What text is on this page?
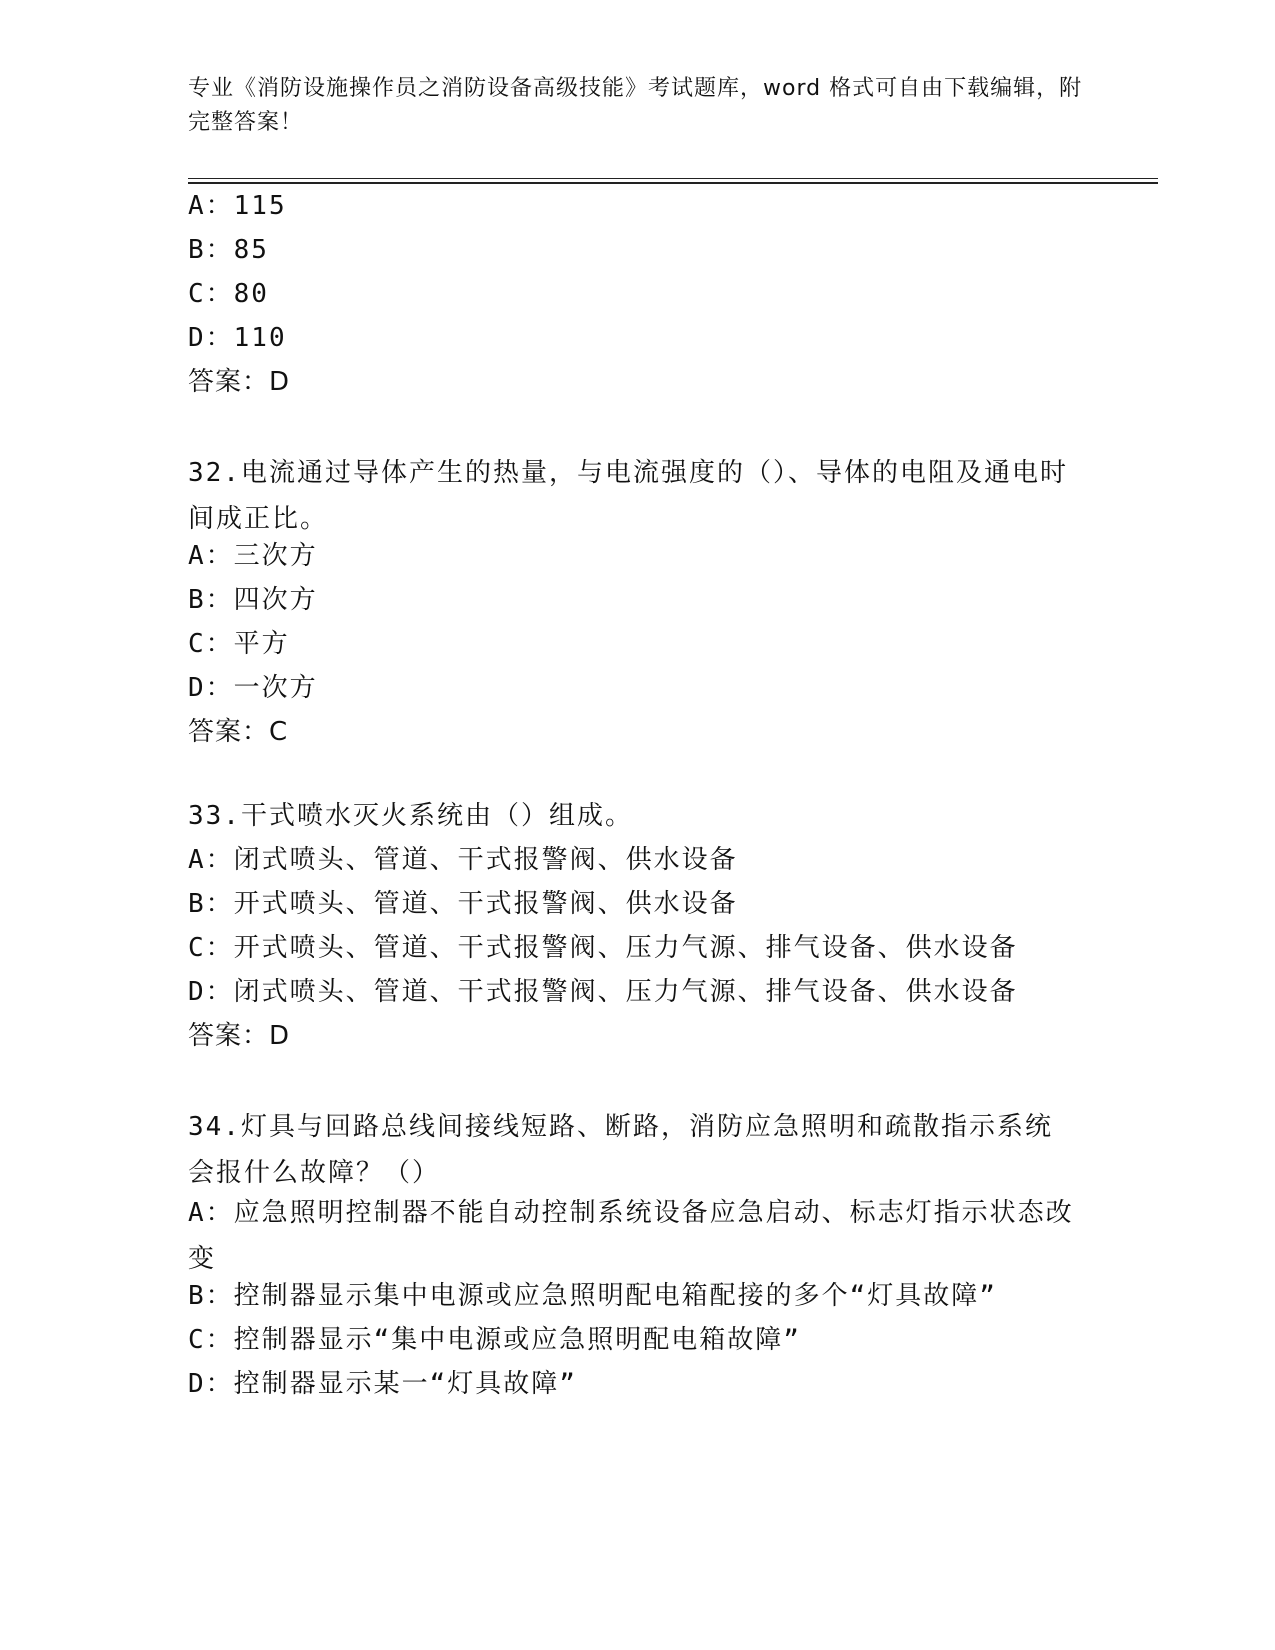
专业《消防设施操作员之消防设备高级技能》考试题库，word 格式可自由下载编辑，附完整答案！
A：115
B：85
C：80
D：110
答案：D
32.电流通过导体产生的热量，与电流强度的（）、导体的电阻及通电时间成正比。
A：三次方
B：四次方
C：平方
D：一次方
答案：C
33.干式喷水灭火系统由（）组成。
A：闭式喷头、管道、干式报警阀、供水设备
B：开式喷头、管道、干式报警阀、供水设备
C：开式喷头、管道、干式报警阀、压力气源、排气设备、供水设备
D：闭式喷头、管道、干式报警阀、压力气源、排气设备、供水设备
答案：D
34.灯具与回路总线间接线短路、断路，消防应急照明和疏散指示系统会报什么故障？（）
A：应急照明控制器不能自动控制系统设备应急启动、标志灯指示状态改变
B：控制器显示集中电源或应急照明配电箱配接的多个“灯具故障”
C：控制器显示“集中电源或应急照明配电箱故障”
D：控制器显示某一“灯具故障”
